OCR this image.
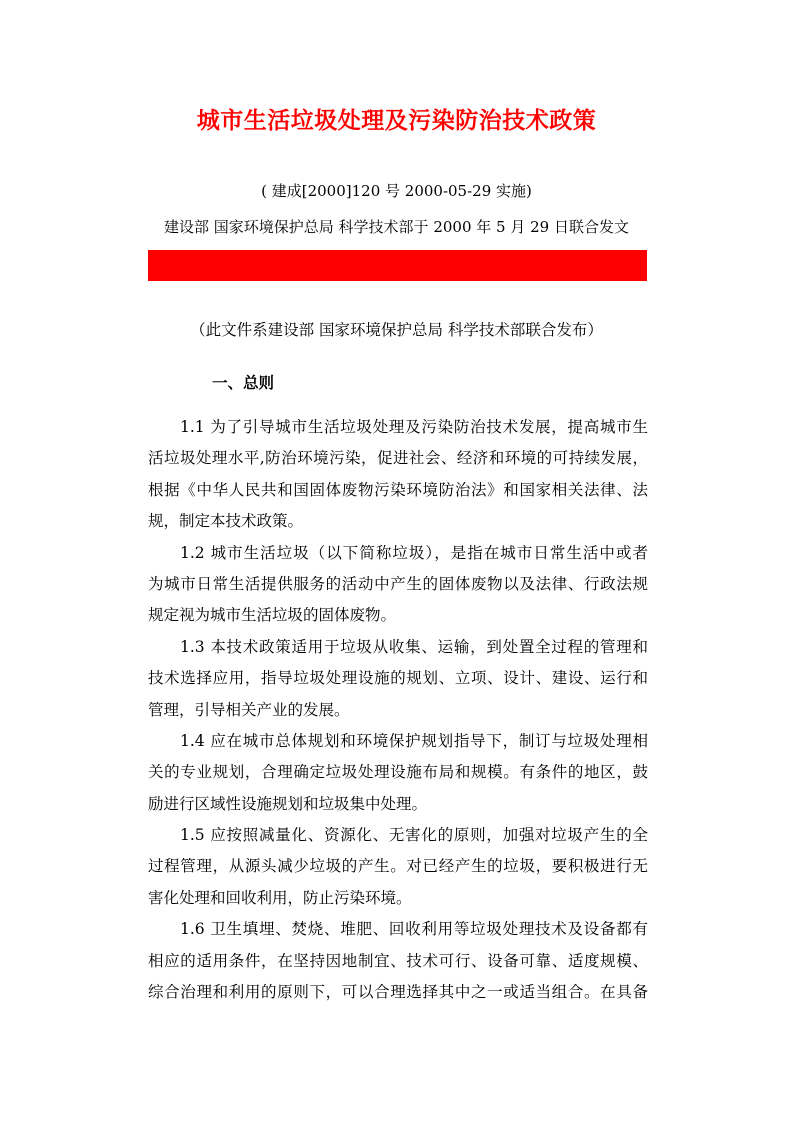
城市生活垃圾处理及污染防治技术政策
( 建成[2000]120 号 2000-05-29 实施)
建设部 国家环境保护总局 科学技术部于 2000 年 5 月 29 日联合发文
（此文件系建设部 国家环境保护总局 科学技术部联合发布）
一、总则
1.1 为了引导城市生活垃圾处理及污染防治技术发展，提高城市生
活垃圾处理水平,防治环境污染，促进社会、经济和环境的可持续发展，
根据《中华人民共和国固体废物污染环境防治法》和国家相关法律、法
规，制定本技术政策。
1.2 城市生活垃圾（以下简称垃圾），是指在城市日常生活中或者
为城市日常生活提供服务的活动中产生的固体废物以及法律、行政法规
规定视为城市生活垃圾的固体废物。
1.3 本技术政策适用于垃圾从收集、运输，到处置全过程的管理和
技术选择应用，指导垃圾处理设施的规划、立项、设计、建设、运行和
管理，引导相关产业的发展。
1.4 应在城市总体规划和环境保护规划指导下，制订与垃圾处理相
关的专业规划，合理确定垃圾处理设施布局和规模。有条件的地区，鼓
励进行区域性设施规划和垃圾集中处理。
1.5 应按照减量化、资源化、无害化的原则，加强对垃圾产生的全
过程管理，从源头减少垃圾的产生。对已经产生的垃圾，要积极进行无
害化处理和回收利用，防止污染环境。
1.6 卫生填埋、焚烧、堆肥、回收利用等垃圾处理技术及设备都有
相应的适用条件，在坚持因地制宜、技术可行、设备可靠、适度规模、
综合治理和利用的原则下，可以合理选择其中之一或适当组合。在具备
